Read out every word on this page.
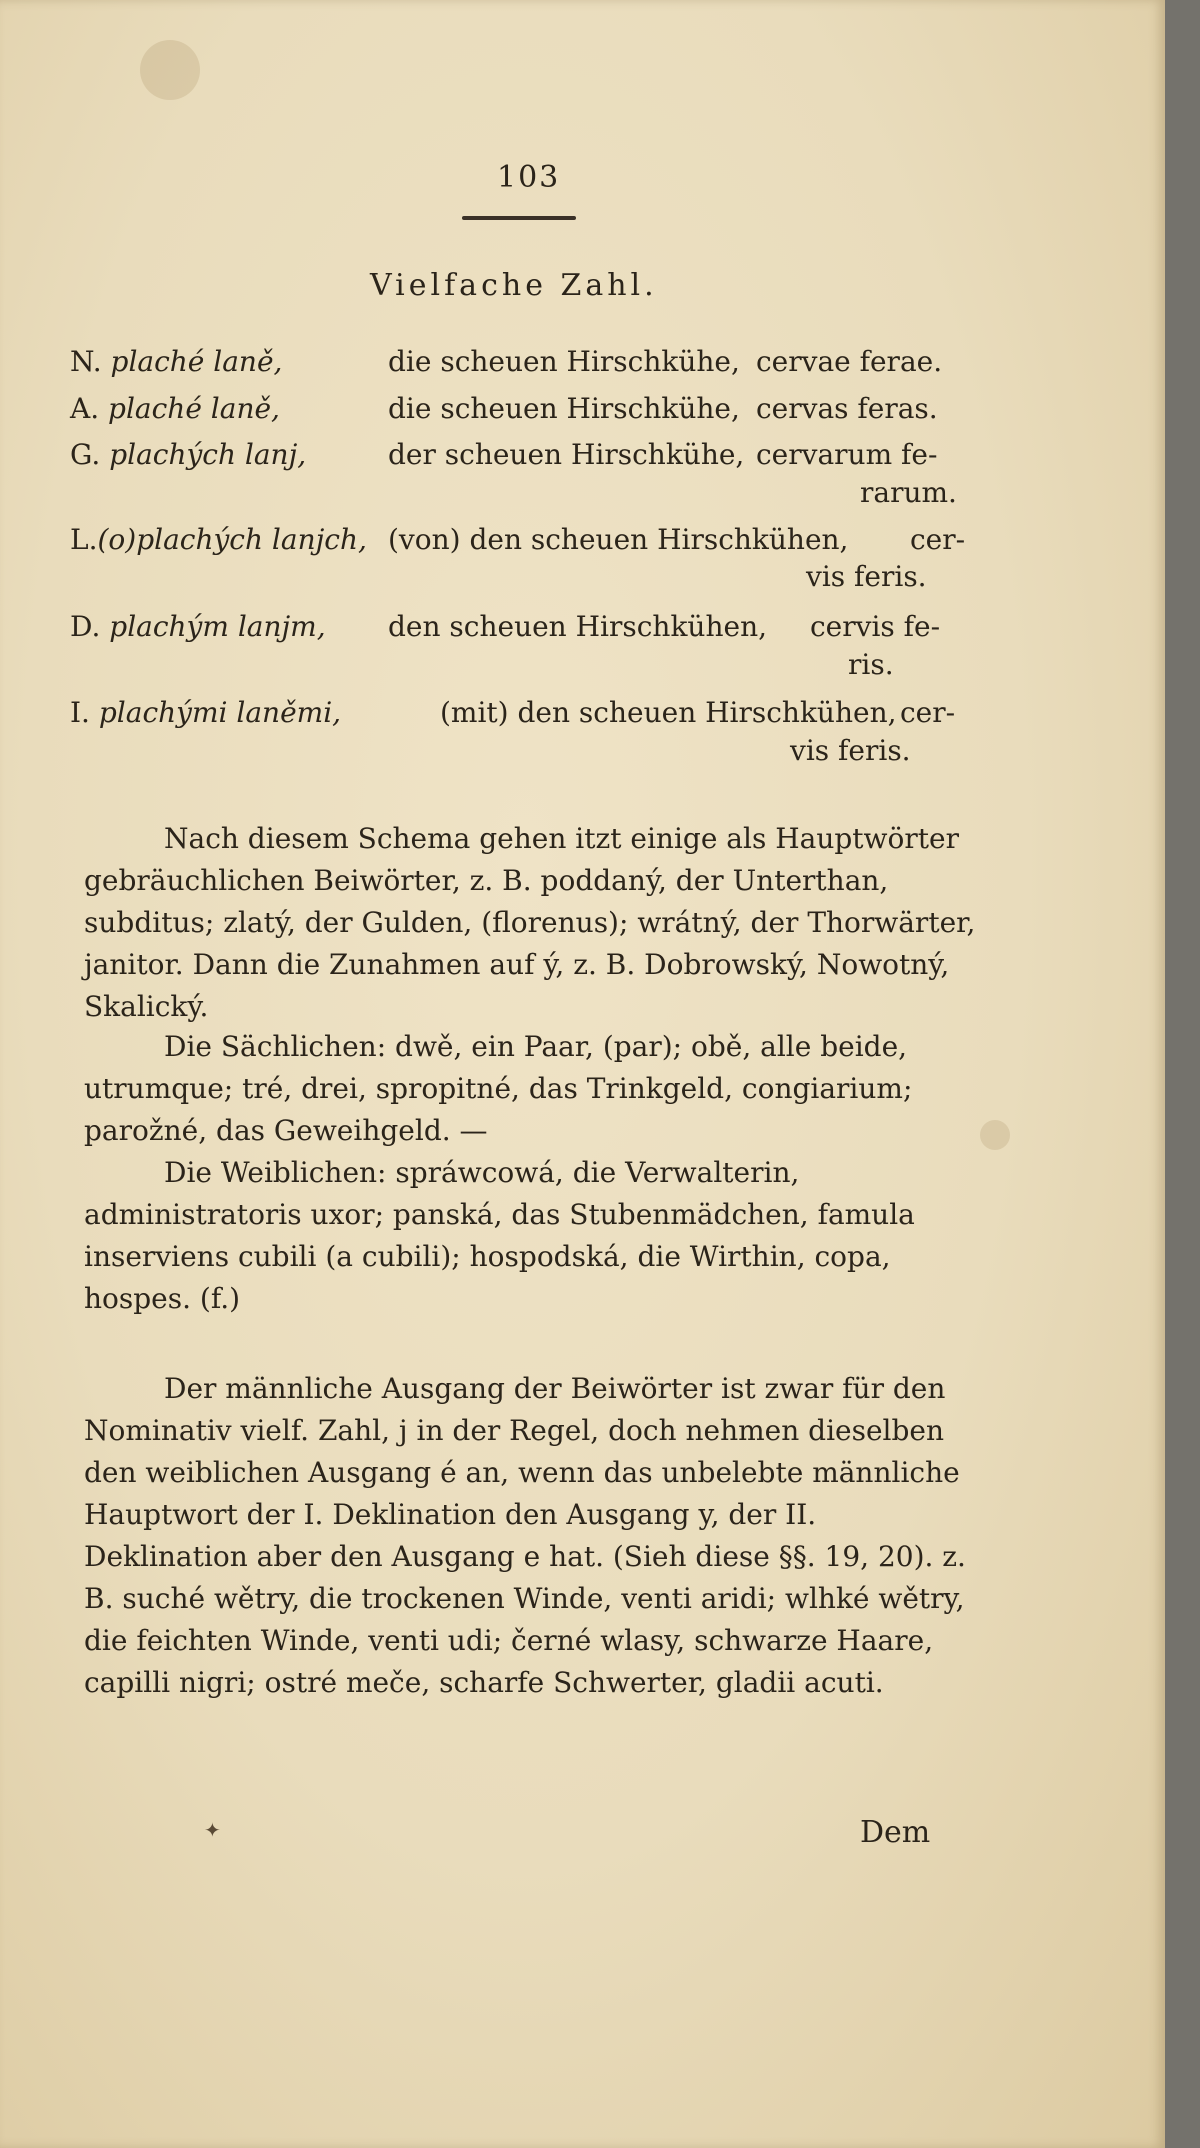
103
Vielfache Zahl.
N. plaché laně,	die scheuen Hirschkühe, cervae ferae.
A. plaché laně,	die scheuen Hirschkühe, cervas feras.
G. plachých lanj,	der scheuen Hirschkühe, cervarum fe-
rarum.
L.(o)plachých lanjch, (von) den scheuen Hirschkühen, cer-
vis feris.
D. plachým lanjm, den scheuen Hirschkühen, cervis fe-
ris.
I. plachými laněmi,	(mit) den scheuen Hirschkühen, cer-
vis feris.
Nach diesem Schema gehen itzt einige als Hauptwörter gebräuchlichen Beiwörter, z. B. poddaný, der Unterthan, subditus; zlatý, der Gulden, (florenus); wrátný, der Thorwärter, janitor. Dann die Zunahmen auf ý, z. B. Dobrowský, Nowotný, Skalický.
Die Sächlichen: dwě, ein Paar, (par); obě, alle beide, utrumque; tré, drei, spropitné, das Trinkgeld, congiarium; parožné, das Geweihgeld. —
Die Weiblichen: spráwcowá, die Verwalterin, administratoris uxor; panská, das Stubenmädchen, famula inserviens cubili (a cubili); hospodská, die Wirthin, copa, hospes. (f.)
Der männliche Ausgang der Beiwörter ist zwar für den Nominativ vielf. Zahl, j in der Regel, doch nehmen dieselben den weiblichen Ausgang é an, wenn das unbelebte männliche Hauptwort der I. Deklination den Ausgang y, der II. Deklination aber den Ausgang e hat. (Sieh diese §§. 19, 20). z. B. suché wětry, die trockenen Winde, venti aridi; wlhké wětry, die feichten Winde, venti udi; černé wlasy, schwarze Haare, capilli nigri; ostré meče, scharfe Schwerter, gladii acuti.
Dem
✦
